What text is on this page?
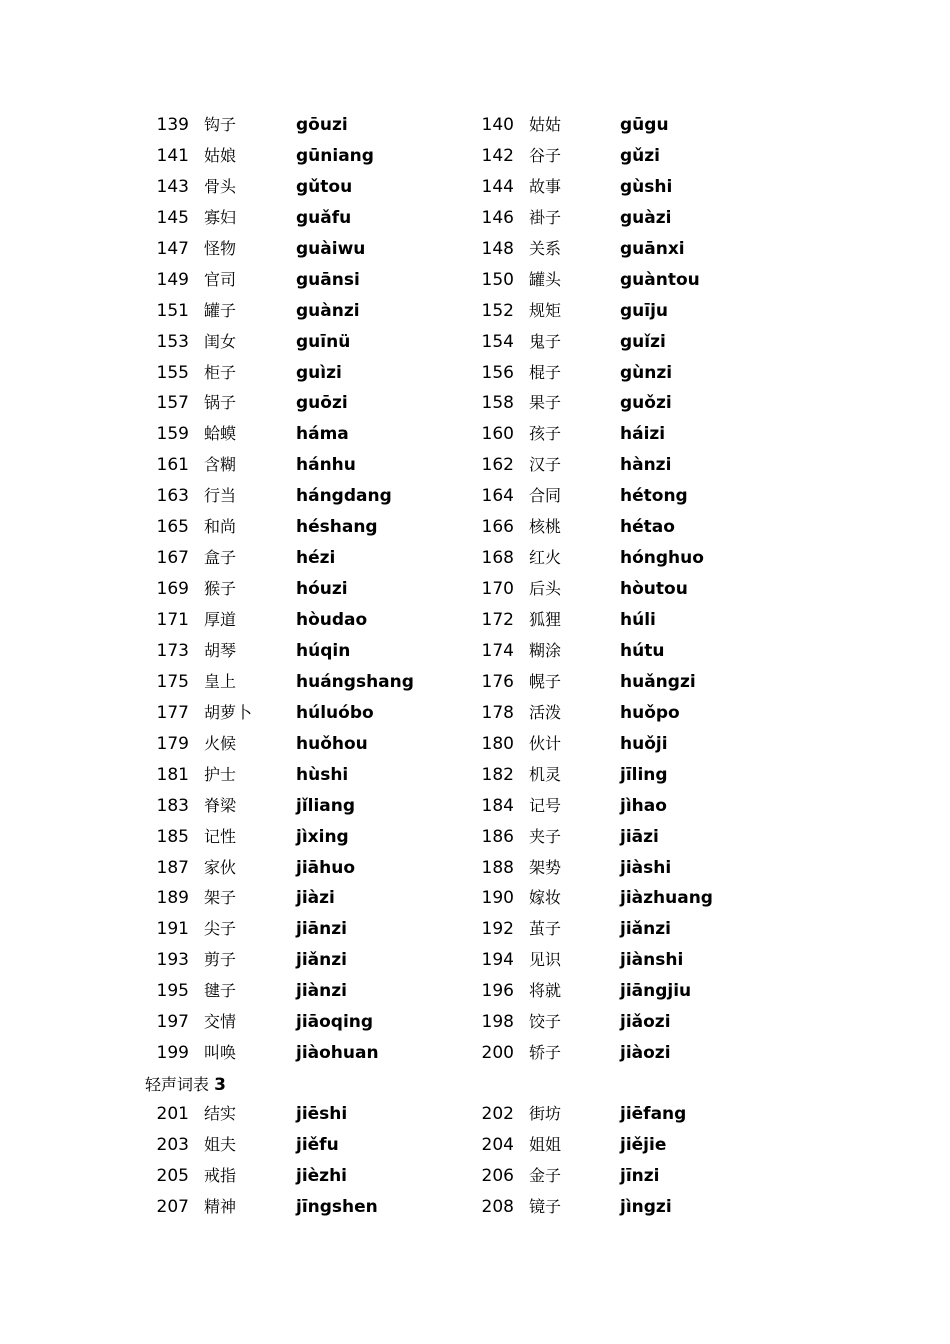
139 钩子	gōuzi	140 姑姑	gūgu
141 姑娘	gūniang	142 谷子	gǔzi
143 骨头	gǔtou	144 故事	gùshi
145 寡妇	guǎfu	146 褂子	guàzi
147 怪物	guàiwu	148 关系	guānxi
149 官司	guānsi	150 罐头	guàntou
151 罐子	guànzi	152 规矩	guīju
153 闺女	guīnü	154 鬼子	guǐzi
155 柜子	guìzi	156 棍子	gùnzi
157 锅子	guōzi	158 果子	guǒzi
159 蛤蟆	háma	160 孩子	háizi
161 含糊	hánhu	162 汉子	hànzi
163 行当	hángdang	164 合同	hétong
165 和尚	héshang	166 核桃	hétao
167 盒子	hézi	168 红火	hónghuo
169 猴子	hóuzi	170 后头	hòutou
171 厚道	hòudao	172 狐狸	húli
173 胡琴	húqin	174 糊涂	hútu
175 皇上	huángshang	176 幌子	huǎngzi
177 胡萝卜	húluóbo	178 活泼	huǒpo
179 火候	huǒhou	180 伙计	huǒji
181 护士	hùshi	182 机灵	jīling
183 脊梁	jǐliang	184 记号	jìhao
185 记性	jìxing	186 夹子	jiāzi
187 家伙	jiāhuo	188 架势	jiàshi
189 架子	jiàzi	190 嫁妆	jiàzhuang
191 尖子	jiānzi	192 茧子	jiǎnzi
193 剪子	jiǎnzi	194 见识	jiànshi
195 毽子	jiànzi	196 将就	jiāngjiu
197 交情	jiāoqing	198 饺子	jiǎozi
199 叫唤	jiàohuan	200 轿子	jiàozi
轻声词表 3
201 结实	jiēshi	202 街坊	jiēfang
203 姐夫	jiěfu	204 姐姐	jiějie
205 戒指	jièzhi	206 金子	jīnzi
207 精神	jīngshen	208 镜子	jìngzi
